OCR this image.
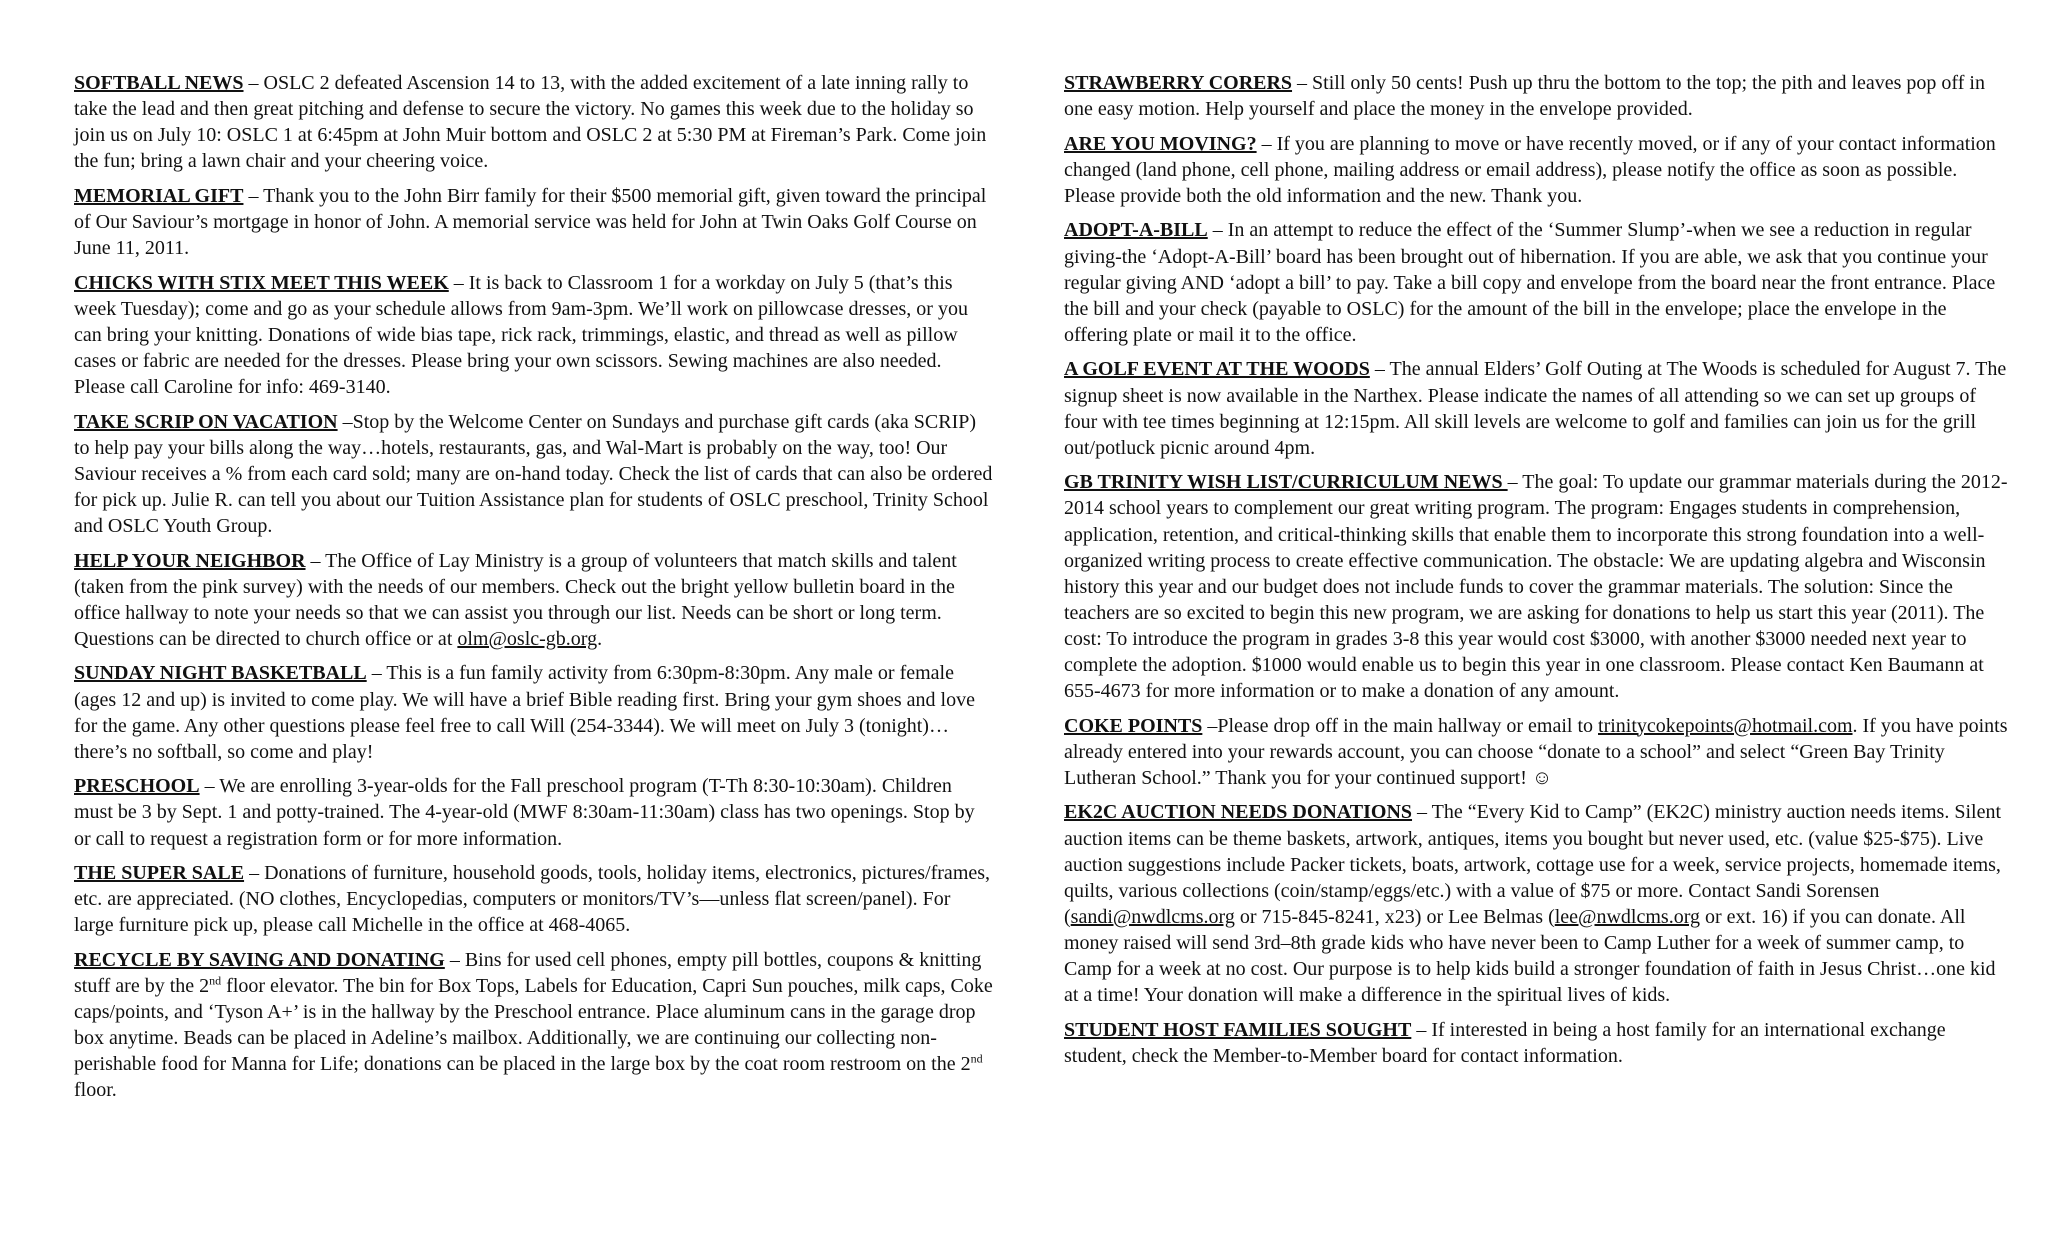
SOFTBALL NEWS – OSLC 2 defeated Ascension 14 to 13, with the added excitement of a late inning rally to take the lead and then great pitching and defense to secure the victory. No games this week due to the holiday so join us on July 10: OSLC 1 at 6:45pm at John Muir bottom and OSLC 2 at 5:30 PM at Fireman’s Park. Come join the fun; bring a lawn chair and your cheering voice.

MEMORIAL GIFT – Thank you to the John Birr family for their $500 memorial gift, given toward the principal of Our Saviour’s mortgage in honor of John. A memorial service was held for John at Twin Oaks Golf Course on June 11, 2011.

CHICKS WITH STIX MEET THIS WEEK – It is back to Classroom 1 for a workday on July 5 (that’s this week Tuesday); come and go as your schedule allows from 9am-3pm. We’ll work on pillowcase dresses, or you can bring your knitting. Donations of wide bias tape, rick rack, trimmings, elastic, and thread as well as pillow cases or fabric are needed for the dresses. Please bring your own scissors. Sewing machines are also needed. Please call Caroline for info: 469-3140.

TAKE SCRIP ON VACATION –Stop by the Welcome Center on Sundays and purchase gift cards (aka SCRIP) to help pay your bills along the way…hotels, restaurants, gas, and Wal-Mart is probably on the way, too! Our Saviour receives a % from each card sold; many are on-hand today. Check the list of cards that can also be ordered for pick up. Julie R. can tell you about our Tuition Assistance plan for students of OSLC preschool, Trinity School and OSLC Youth Group.

HELP YOUR NEIGHBOR – The Office of Lay Ministry is a group of volunteers that match skills and talent (taken from the pink survey) with the needs of our members. Check out the bright yellow bulletin board in the office hallway to note your needs so that we can assist you through our list. Needs can be short or long term. Questions can be directed to church office or at olm@oslc-gb.org.

SUNDAY NIGHT BASKETBALL – This is a fun family activity from 6:30pm-8:30pm. Any male or female (ages 12 and up) is invited to come play. We will have a brief Bible reading first. Bring your gym shoes and love for the game. Any other questions please feel free to call Will (254-3344). We will meet on July 3 (tonight)…there’s no softball, so come and play!

PRESCHOOL – We are enrolling 3-year-olds for the Fall preschool program (T-Th 8:30-10:30am). Children must be 3 by Sept. 1 and potty-trained. The 4-year-old (MWF 8:30am-11:30am) class has two openings. Stop by or call to request a registration form or for more information.

THE SUPER SALE – Donations of furniture, household goods, tools, holiday items, electronics, pictures/frames, etc. are appreciated. (NO clothes, Encyclopedias, computers or monitors/TV’s—unless flat screen/panel). For large furniture pick up, please call Michelle in the office at 468-4065.

RECYCLE BY SAVING AND DONATING – Bins for used cell phones, empty pill bottles, coupons & knitting stuff are by the 2nd floor elevator. The bin for Box Tops, Labels for Education, Capri Sun pouches, milk caps, Coke caps/points, and ‘Tyson A+’ is in the hallway by the Preschool entrance. Place aluminum cans in the garage drop box anytime. Beads can be placed in Adeline’s mailbox. Additionally, we are continuing our collecting non-perishable food for Manna for Life; donations can be placed in the large box by the coat room restroom on the 2nd floor.

STRAWBERRY CORERS – Still only 50 cents! Push up thru the bottom to the top; the pith and leaves pop off in one easy motion. Help yourself and place the money in the envelope provided.

ARE YOU MOVING? – If you are planning to move or have recently moved, or if any of your contact information changed (land phone, cell phone, mailing address or email address), please notify the office as soon as possible. Please provide both the old information and the new. Thank you.

ADOPT-A-BILL – In an attempt to reduce the effect of the ‘Summer Slump’-when we see a reduction in regular giving-the ‘Adopt-A-Bill’ board has been brought out of hibernation. If you are able, we ask that you continue your regular giving AND ‘adopt a bill’ to pay. Take a bill copy and envelope from the board near the front entrance. Place the bill and your check (payable to OSLC) for the amount of the bill in the envelope; place the envelope in the offering plate or mail it to the office.

A GOLF EVENT AT THE WOODS – The annual Elders’ Golf Outing at The Woods is scheduled for August 7. The signup sheet is now available in the Narthex. Please indicate the names of all attending so we can set up groups of four with tee times beginning at 12:15pm. All skill levels are welcome to golf and families can join us for the grill out/potluck picnic around 4pm.

GB TRINITY WISH LIST/CURRICULUM NEWS – The goal: To update our grammar materials during the 2012-2014 school years to complement our great writing program. The program: Engages students in comprehension, application, retention, and critical-thinking skills that enable them to incorporate this strong foundation into a well-organized writing process to create effective communication. The obstacle: We are updating algebra and Wisconsin history this year and our budget does not include funds to cover the grammar materials. The solution: Since the teachers are so excited to begin this new program, we are asking for donations to help us start this year (2011). The cost: To introduce the program in grades 3-8 this year would cost $3000, with another $3000 needed next year to complete the adoption. $1000 would enable us to begin this year in one classroom. Please contact Ken Baumann at 655-4673 for more information or to make a donation of any amount.

COKE POINTS –Please drop off in the main hallway or email to trinitycokepoints@hotmail.com. If you have points already entered into your rewards account, you can choose “donate to a school” and select “Green Bay Trinity Lutheran School.” Thank you for your continued support! ☺

EK2C AUCTION NEEDS DONATIONS – The “Every Kid to Camp” (EK2C) ministry auction needs items. Silent auction items can be theme baskets, artwork, antiques, items you bought but never used, etc. (value $25-$75). Live auction suggestions include Packer tickets, boats, artwork, cottage use for a week, service projects, homemade items, quilts, various collections (coin/stamp/eggs/etc.) with a value of $75 or more. Contact Sandi Sorensen (sandi@nwdlcms.org or 715-845-8241, x23) or Lee Belmas (lee@nwdlcms.org or ext. 16) if you can donate. All money raised will send 3rd–8th grade kids who have never been to Camp Luther for a week of summer camp, to Camp for a week at no cost. Our purpose is to help kids build a stronger foundation of faith in Jesus Christ…one kid at a time! Your donation will make a difference in the spiritual lives of kids.

STUDENT HOST FAMILIES SOUGHT – If interested in being a host family for an international exchange student, check the Member-to-Member board for contact information.
